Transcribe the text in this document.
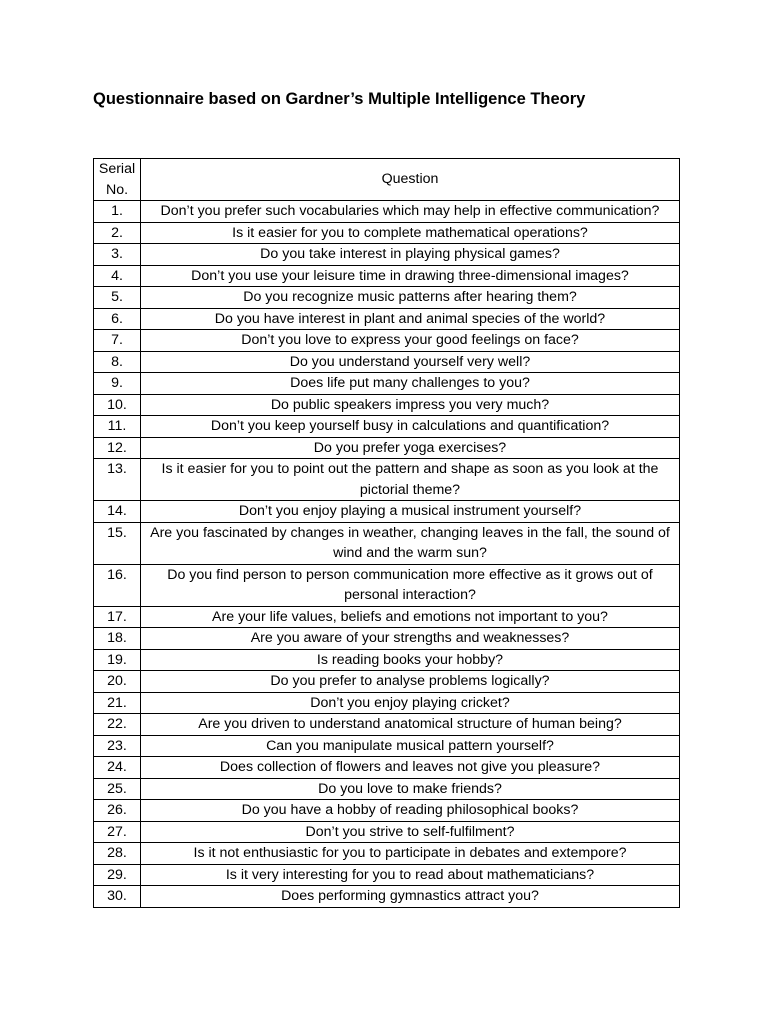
Questionnaire based on Gardner’s Multiple Intelligence Theory
Serial No.	Question
1.	Don’t you prefer such vocabularies which may help in effective communication?
2.	Is it easier for you to complete mathematical operations?
3.	Do you take interest in playing physical games?
4.	Don’t you use your leisure time in drawing three-dimensional images?
5.	Do you recognize music patterns after hearing them?
6.	Do you have interest in plant and animal species of the world?
7.	Don’t you love to express your good feelings on face?
8.	Do you understand yourself very well?
9.	Does life put many challenges to you?
10.	Do public speakers impress you very much?
11.	Don’t you keep yourself busy in calculations and quantification?
12.	Do you prefer yoga exercises?
13.	Is it easier for you to point out the pattern and shape as soon as you look at the pictorial theme?
14.	Don’t you enjoy playing a musical instrument yourself?
15.	Are you fascinated by changes in weather, changing leaves in the fall, the sound of wind and the warm sun?
16.	Do you find person to person communication more effective as it grows out of personal interaction?
17.	Are your life values, beliefs and emotions not important to you?
18.	Are you aware of your strengths and weaknesses?
19.	Is reading books your hobby?
20.	Do you prefer to analyse problems logically?
21.	Don’t you enjoy playing cricket?
22.	Are you driven to understand anatomical structure of human being?
23.	Can you manipulate musical pattern yourself?
24.	Does collection of flowers and leaves not give you pleasure?
25.	Do you love to make friends?
26.	Do you have a hobby of reading philosophical books?
27.	Don’t you strive to self-fulfilment?
28.	Is it not enthusiastic for you to participate in debates and extempore?
29.	Is it very interesting for you to read about mathematicians?
30.	Does performing gymnastics attract you?
